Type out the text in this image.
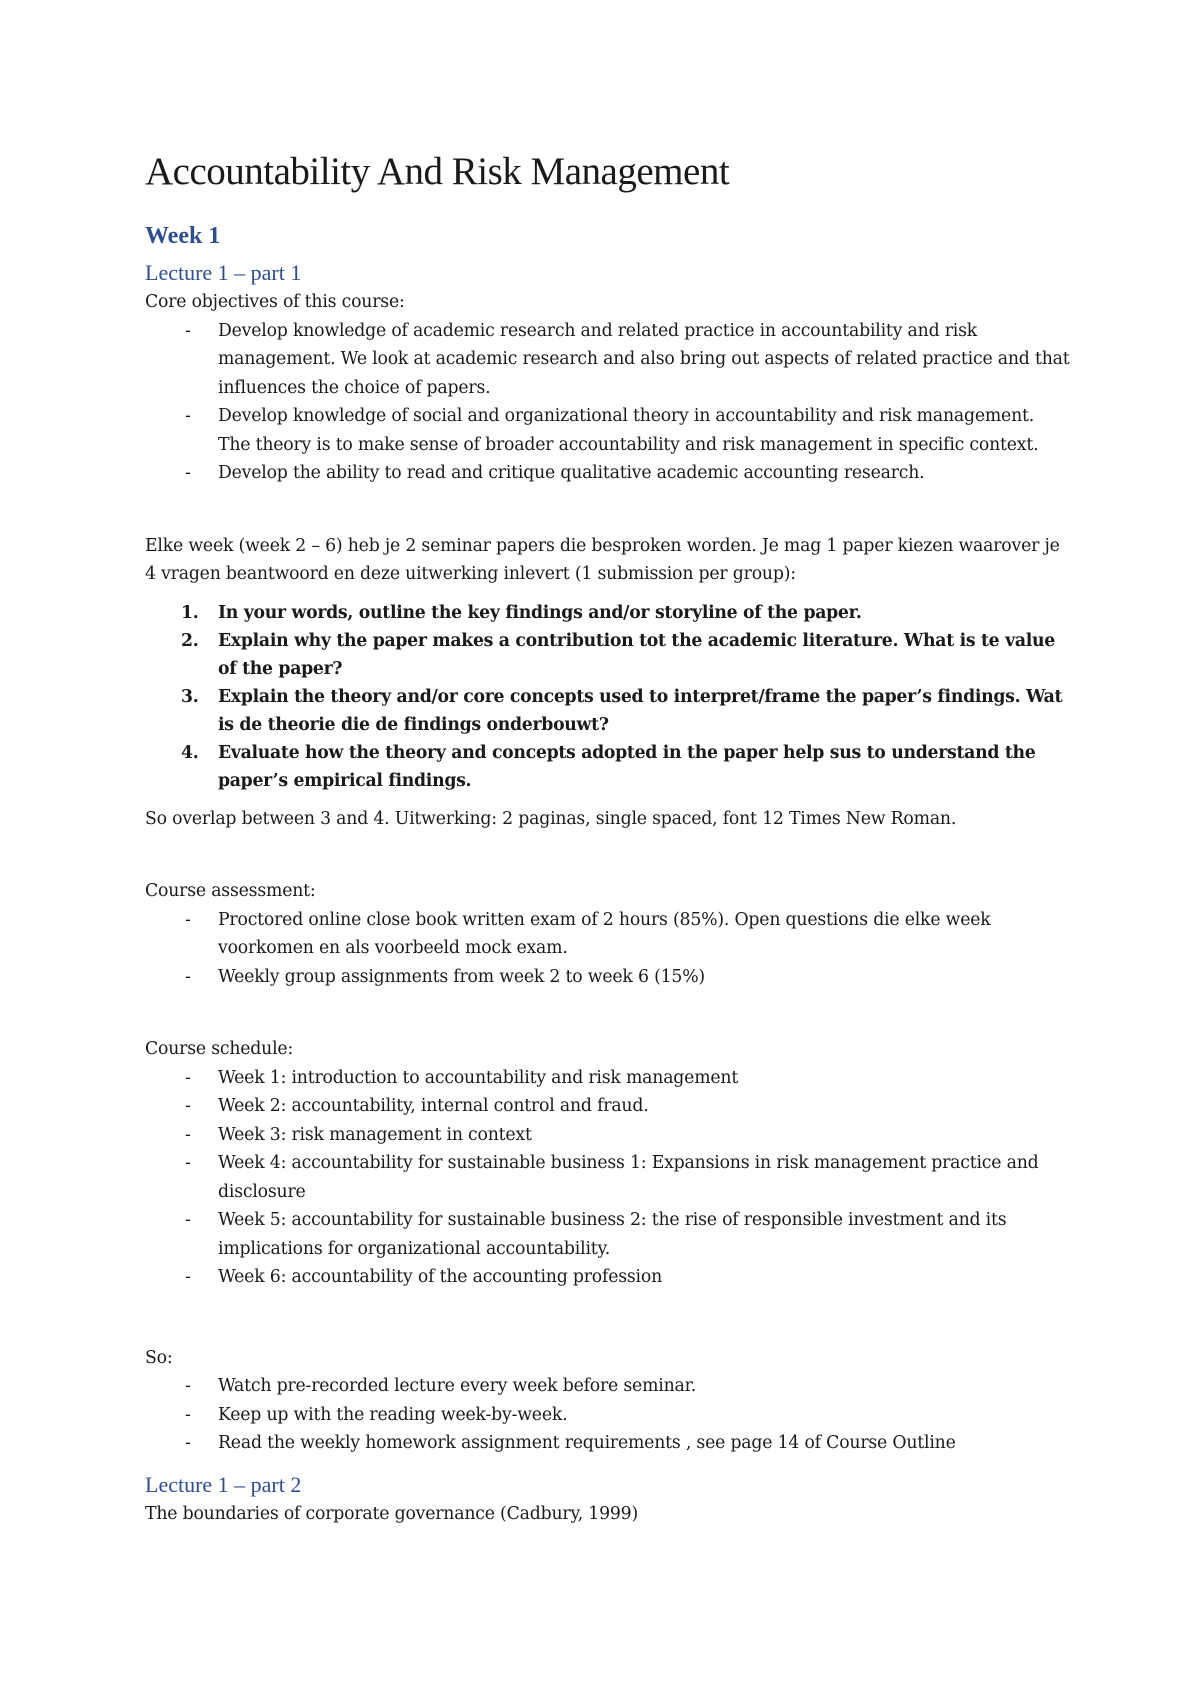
Accountability And Risk Management
Week 1
Lecture 1 – part 1

Core objectives of this course:

- Develop knowledge of academic research and related practice in accountability and risk management. We look at academic research and also bring out aspects of related practice and that influences the choice of papers.
- Develop knowledge of social and organizational theory in accountability and risk management. The theory is to make sense of broader accountability and risk management in specific context.
- Develop the ability to read and critique qualitative academic accounting research.

Elke week (week 2 – 6) heb je 2 seminar papers die besproken worden. Je mag 1 paper kiezen waarover je 4 vragen beantwoord en deze uitwerking inlevert (1 submission per group):

1. In your words, outline the key findings and/or storyline of the paper.
2. Explain why the paper makes a contribution tot the academic literature. What is te value of the paper?
3. Explain the theory and/or core concepts used to interpret/frame the paper’s findings. Wat is de theorie die de findings onderbouwt?
4. Evaluate how the theory and concepts adopted in the paper help sus to understand the paper’s empirical findings.

So overlap between 3 and 4. Uitwerking: 2 paginas, single spaced, font 12 Times New Roman.

Course assessment:

- Proctored online close book written exam of 2 hours (85%). Open questions die elke week voorkomen en als voorbeeld mock exam.
- Weekly group assignments from week 2 to week 6 (15%)

Course schedule:

- Week 1: introduction to accountability and risk management
- Week 2: accountability, internal control and fraud.
- Week 3: risk management in context
- Week 4: accountability for sustainable business 1: Expansions in risk management practice and disclosure
- Week 5: accountability for sustainable business 2: the rise of responsible investment and its implications for organizational accountability.
- Week 6: accountability of the accounting profession

So:

- Watch pre-recorded lecture every week before seminar.
- Keep up with the reading week-by-week.
- Read the weekly homework assignment requirements , see page 14 of Course Outline
Lecture 1 – part 2

The boundaries of corporate governance (Cadbury, 1999)
